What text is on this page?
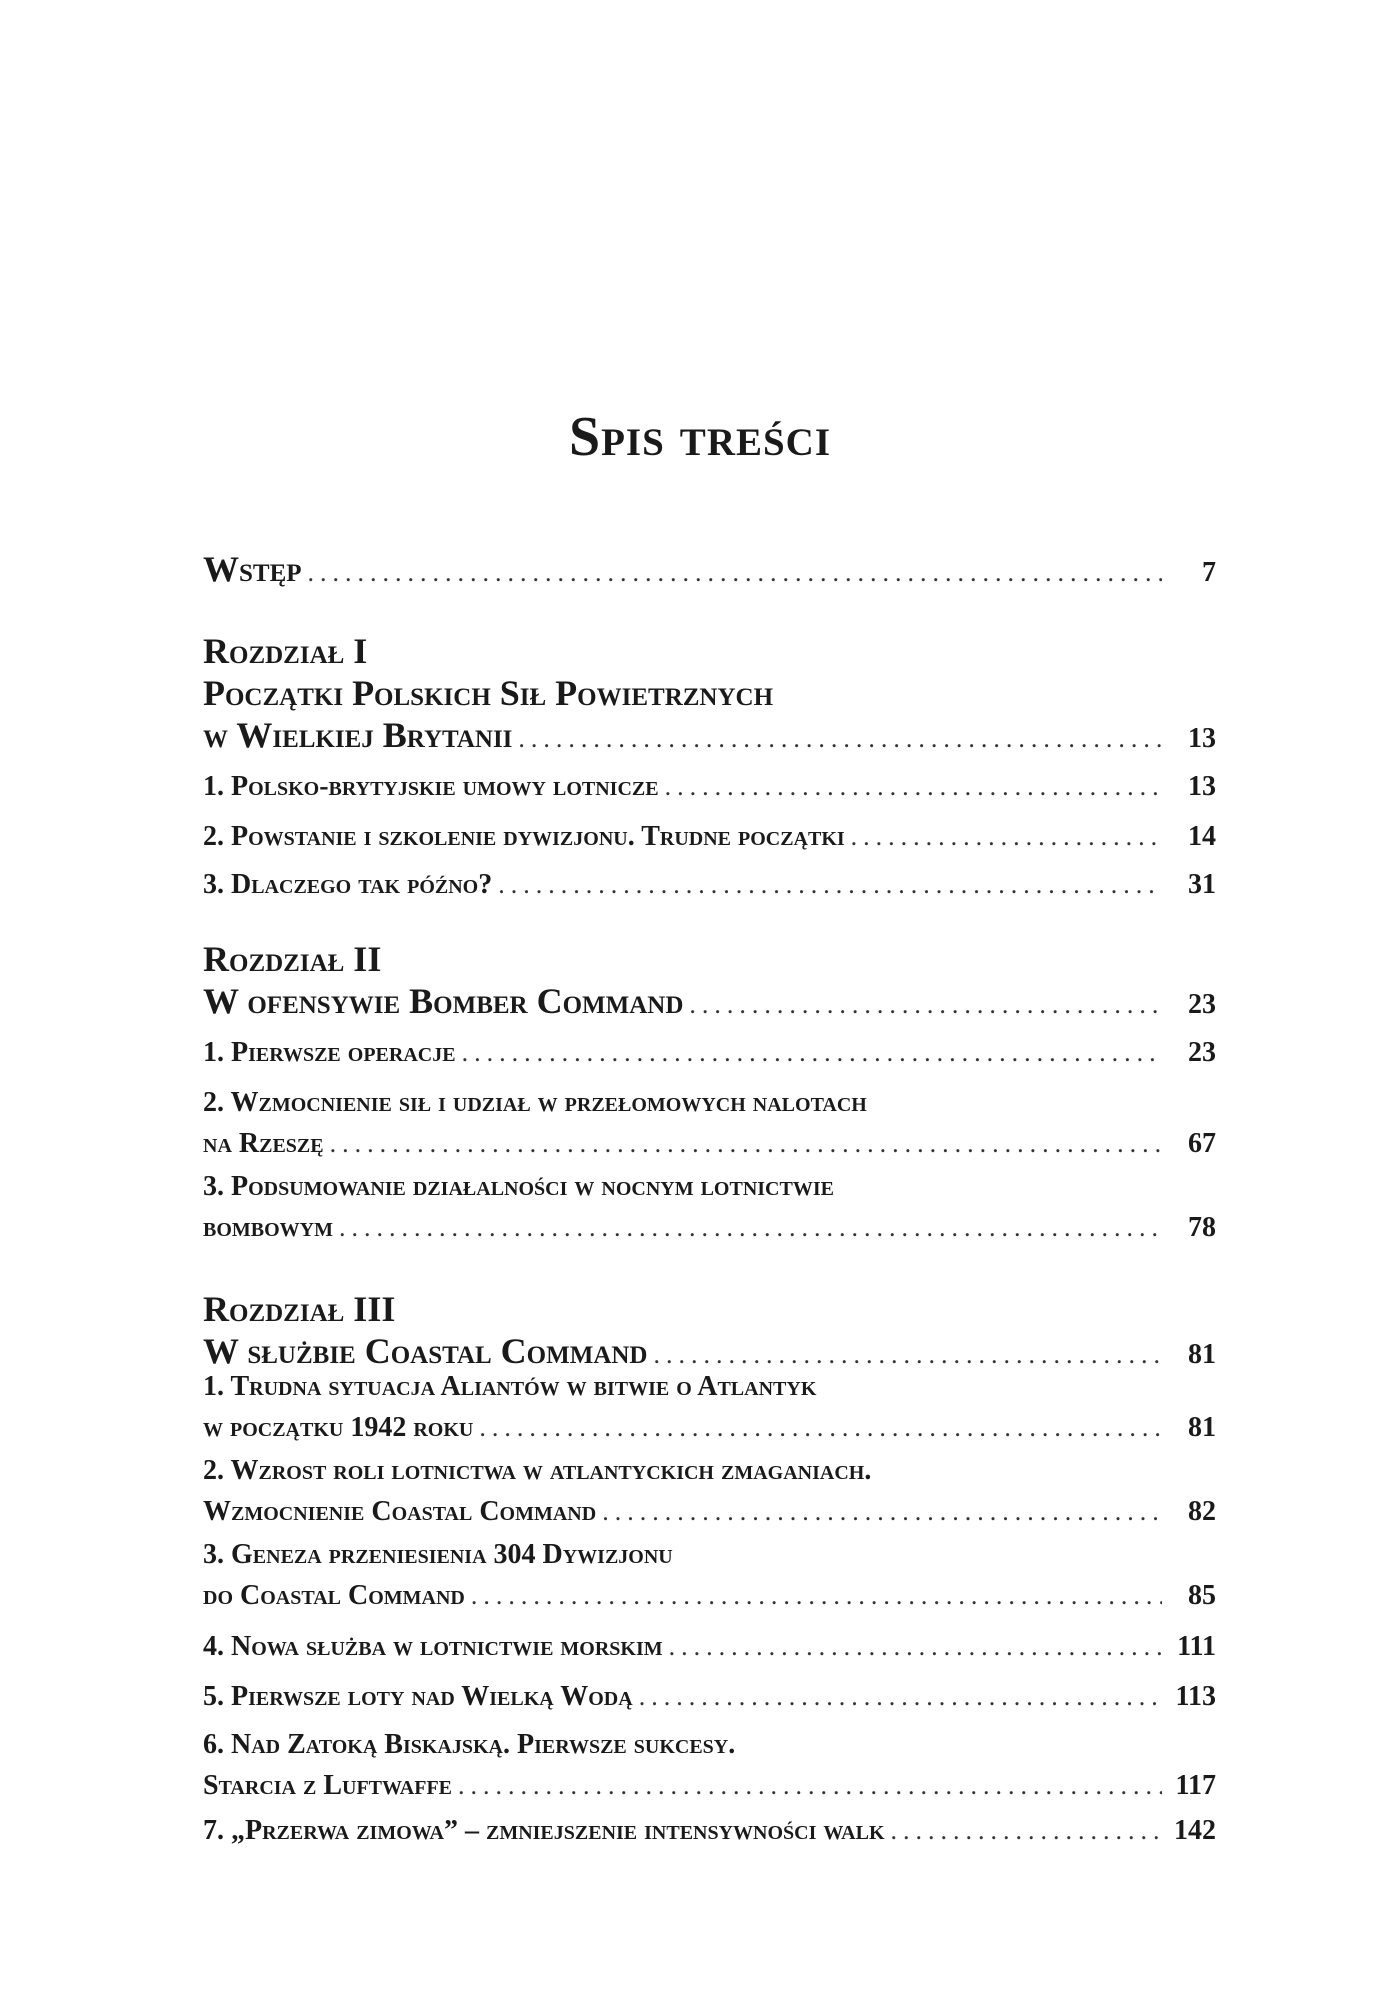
Spis treści
Wstęp .....	7
Rozdział I
Początki Polskich Sił Powietrznych
w Wielkiej Brytanii .....	13
1. Polsko-brytyjskie umowy lotnicze .....	13
2. Powstanie i szkolenie dywizjonu. Trudne początki .....	14
3. Dlaczego tak późno? .....	31
Rozdział II
W ofensywie Bomber Command .....	23
1. Pierwsze operacje .....	23
2. Wzmocnienie sił i udział w przełomowych nalotach
na Rzeszę .....	67
3. Podsumowanie działalności w nocnym lotnictwie
bombowym .....	78
Rozdział III
W służbie Coastal Command .....	81
1. Trudna sytuacja Aliantów w bitwie o Atlantyk
w początku 1942 roku .....	81
2. Wzrost roli lotnictwa w atlantyckich zmaganiach.
Wzmocnienie Coastal Command .....	82
3. Geneza przeniesienia 304 Dywizjonu
do Coastal Command .....	85
4. Nowa służba w lotnictwie morskim .....	111
5. Pierwsze loty nad Wielką Wodą .....	113
6. Nad Zatoką Biskajską. Pierwsze sukcesy.
Starcia z Luftwaffe .....	117
7. „Przerwa zimowa” – zmniejszenie intensywności walk .....	142
